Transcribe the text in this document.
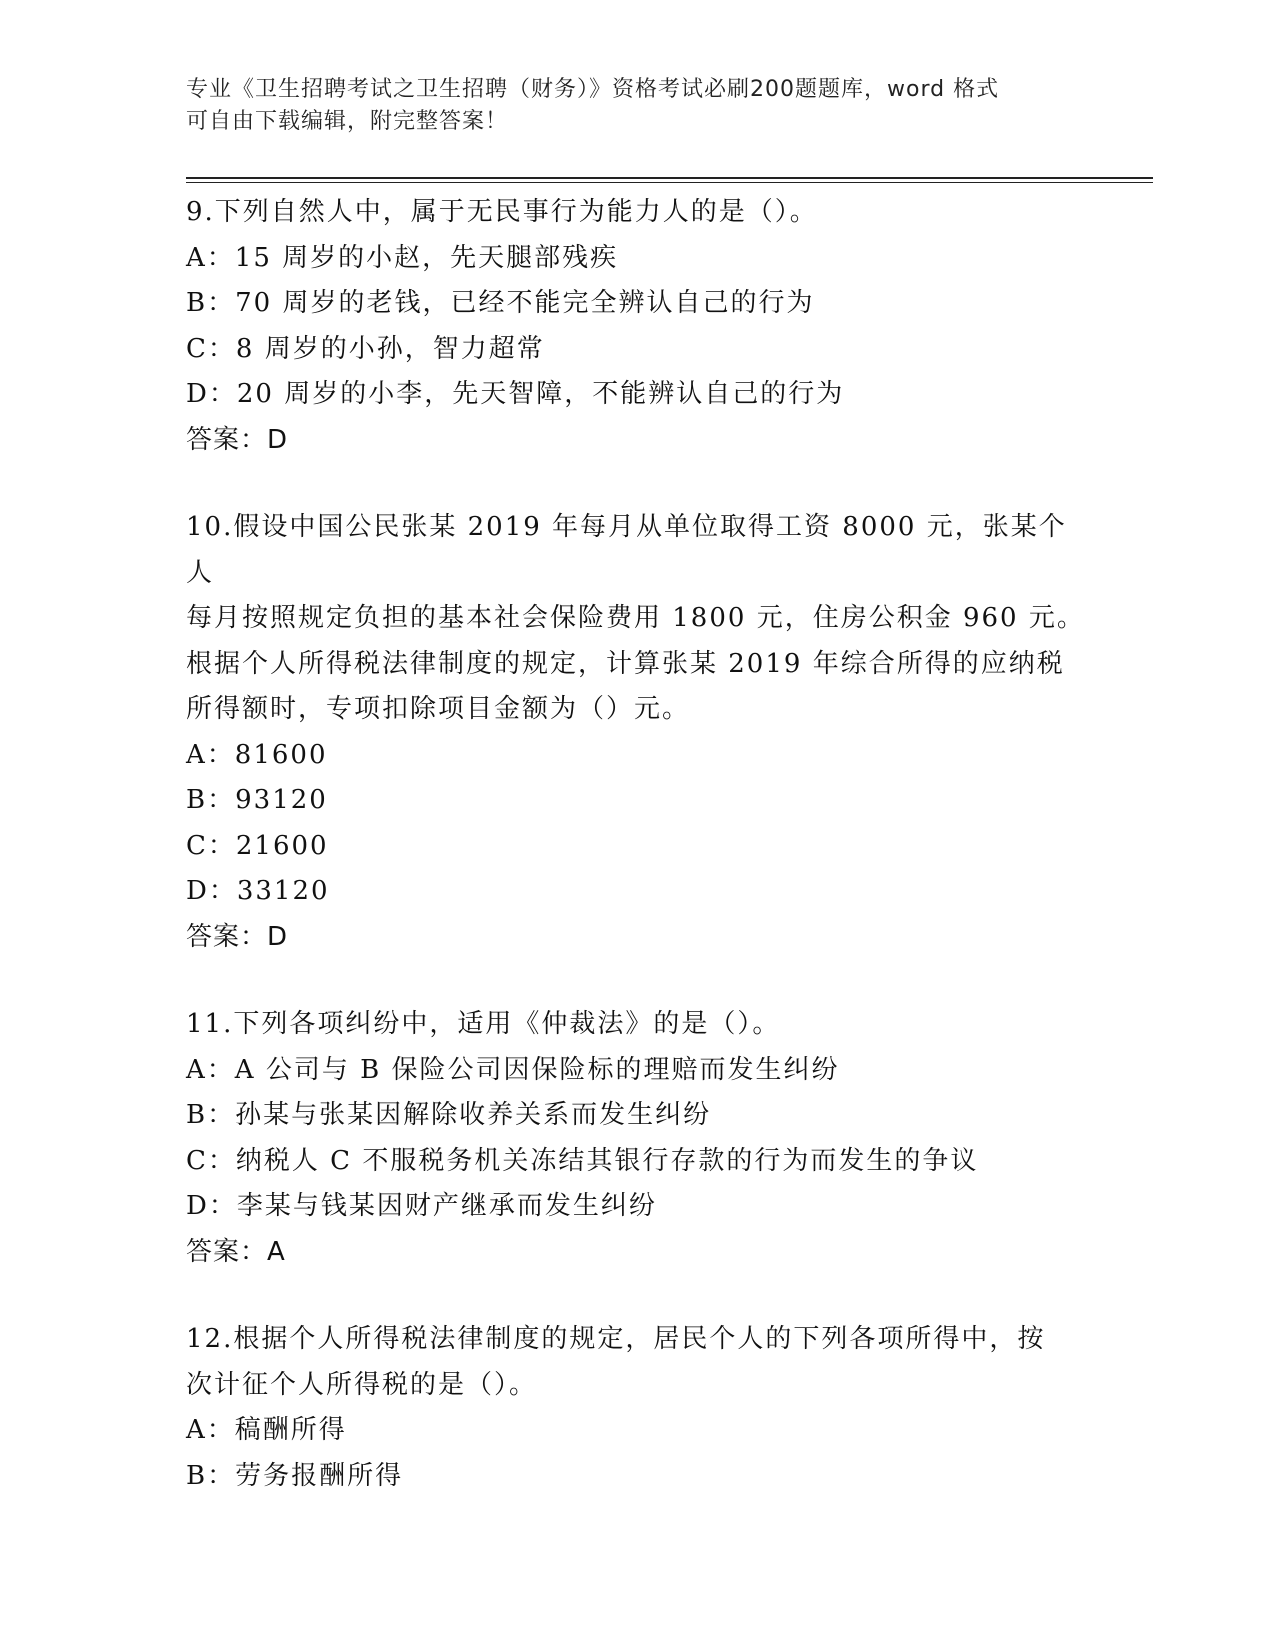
专业《卫生招聘考试之卫生招聘（财务）》资格考试必刷200题题库，word 格式
可自由下载编辑，附完整答案！
9.下列自然人中，属于无民事行为能力人的是（）。
A：15 周岁的小赵，先天腿部残疾
B：70 周岁的老钱，已经不能完全辨认自己的行为
C：8 周岁的小孙，智力超常
D：20 周岁的小李，先天智障，不能辨认自己的行为
答案：D
10.假设中国公民张某 2019 年每月从单位取得工资 8000 元，张某个人
每月按照规定负担的基本社会保险费用 1800 元，住房公积金 960 元。
根据个人所得税法律制度的规定，计算张某 2019 年综合所得的应纳税
所得额时，专项扣除项目金额为（）元。
A：81600
B：93120
C：21600
D：33120
答案：D
11.下列各项纠纷中，适用《仲裁法》的是（）。
A：A 公司与 B 保险公司因保险标的理赔而发生纠纷
B：孙某与张某因解除收养关系而发生纠纷
C：纳税人 C 不服税务机关冻结其银行存款的行为而发生的争议
D：李某与钱某因财产继承而发生纠纷
答案：A
12.根据个人所得税法律制度的规定，居民个人的下列各项所得中，按
次计征个人所得税的是（）。
A：稿酬所得
B：劳务报酬所得
